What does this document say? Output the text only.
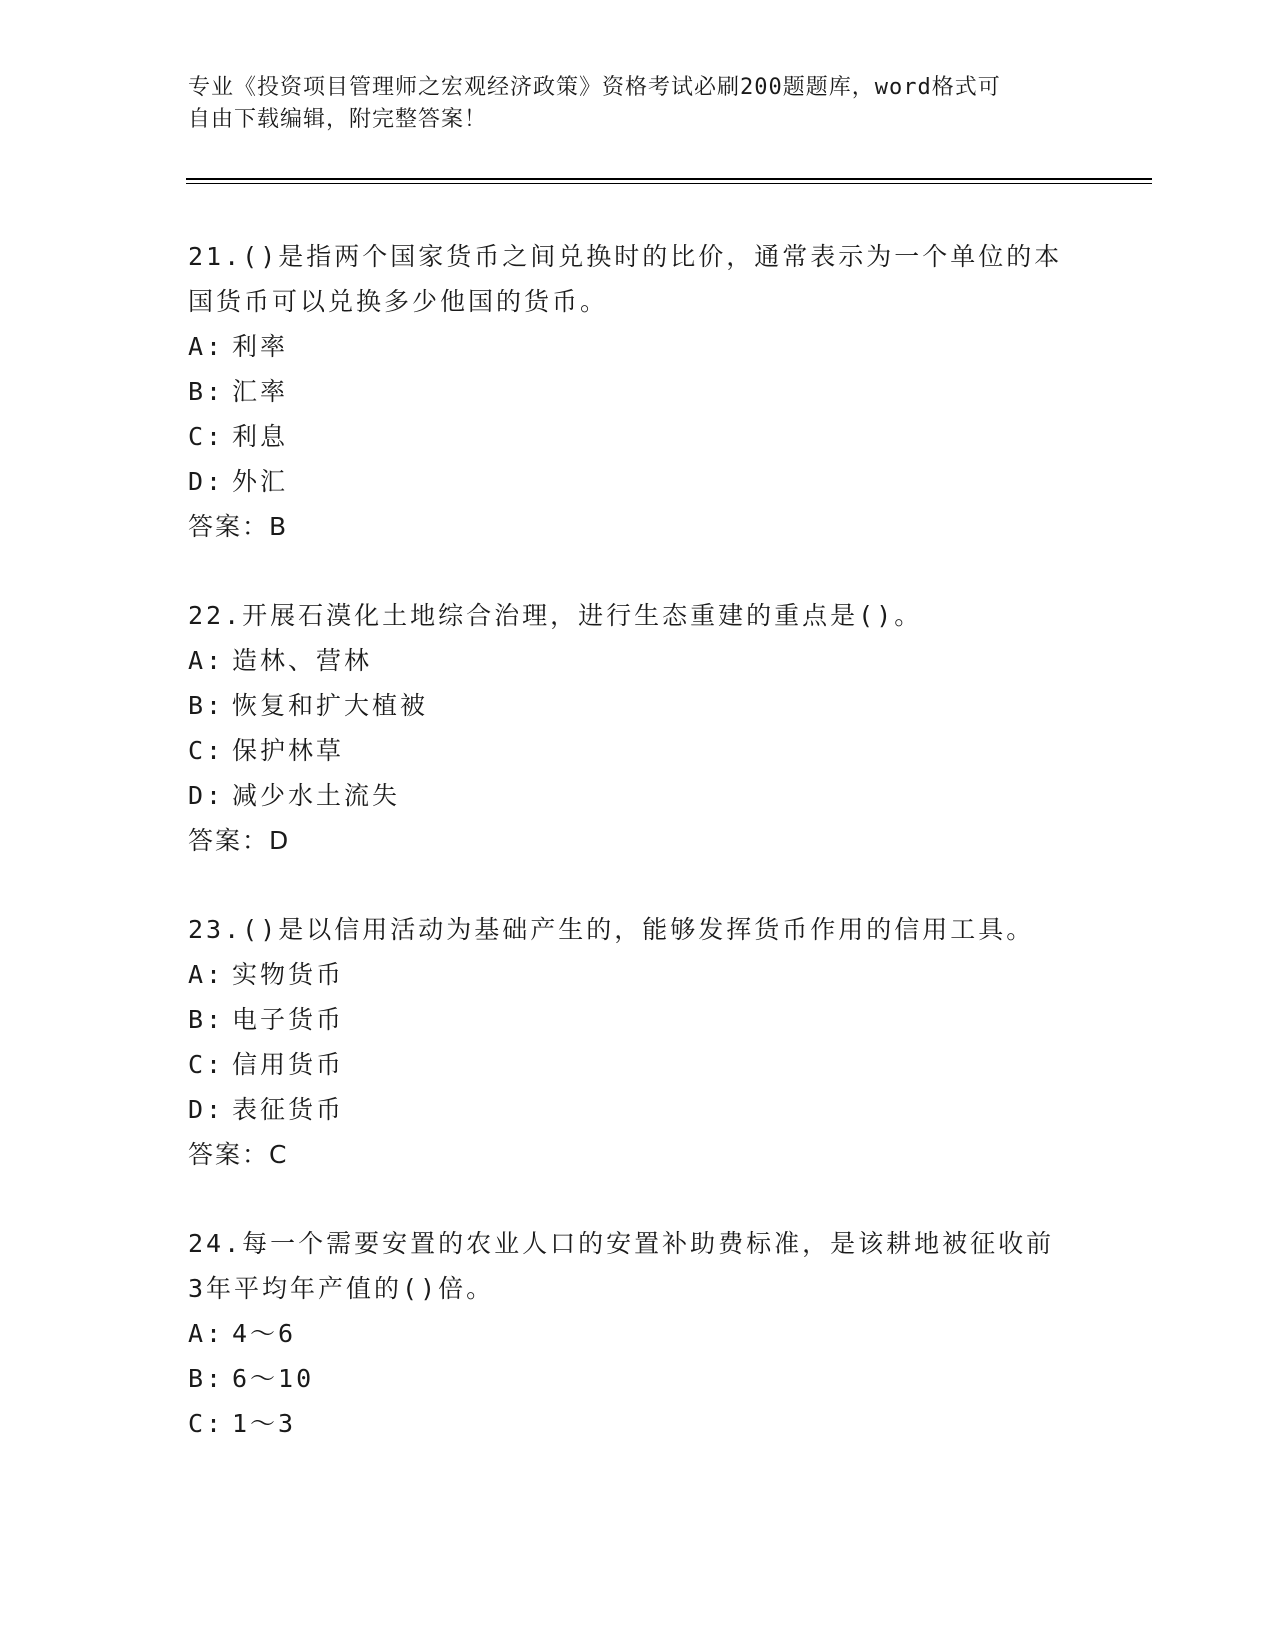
专业《投资项目管理师之宏观经济政策》资格考试必刷200题题库，word格式可
自由下载编辑，附完整答案！

21.()是指两个国家货币之间兑换时的比价，通常表示为一个单位的本

国货币可以兑换多少他国的货币。

A: 利率

B: 汇率

C: 利息

D: 外汇

答案：B

22.开展石漠化土地综合治理，进行生态重建的重点是()。

A: 造林、营林

B: 恢复和扩大植被

C: 保护林草

D: 减少水土流失

答案：D

23.()是以信用活动为基础产生的，能够发挥货币作用的信用工具。

A: 实物货币

B: 电子货币

C: 信用货币

D: 表征货币

答案：C

24.每一个需要安置的农业人口的安置补助费标准，是该耕地被征收前

3年平均年产值的()倍。

A: 4～6

B: 6～10

C: 1～3
